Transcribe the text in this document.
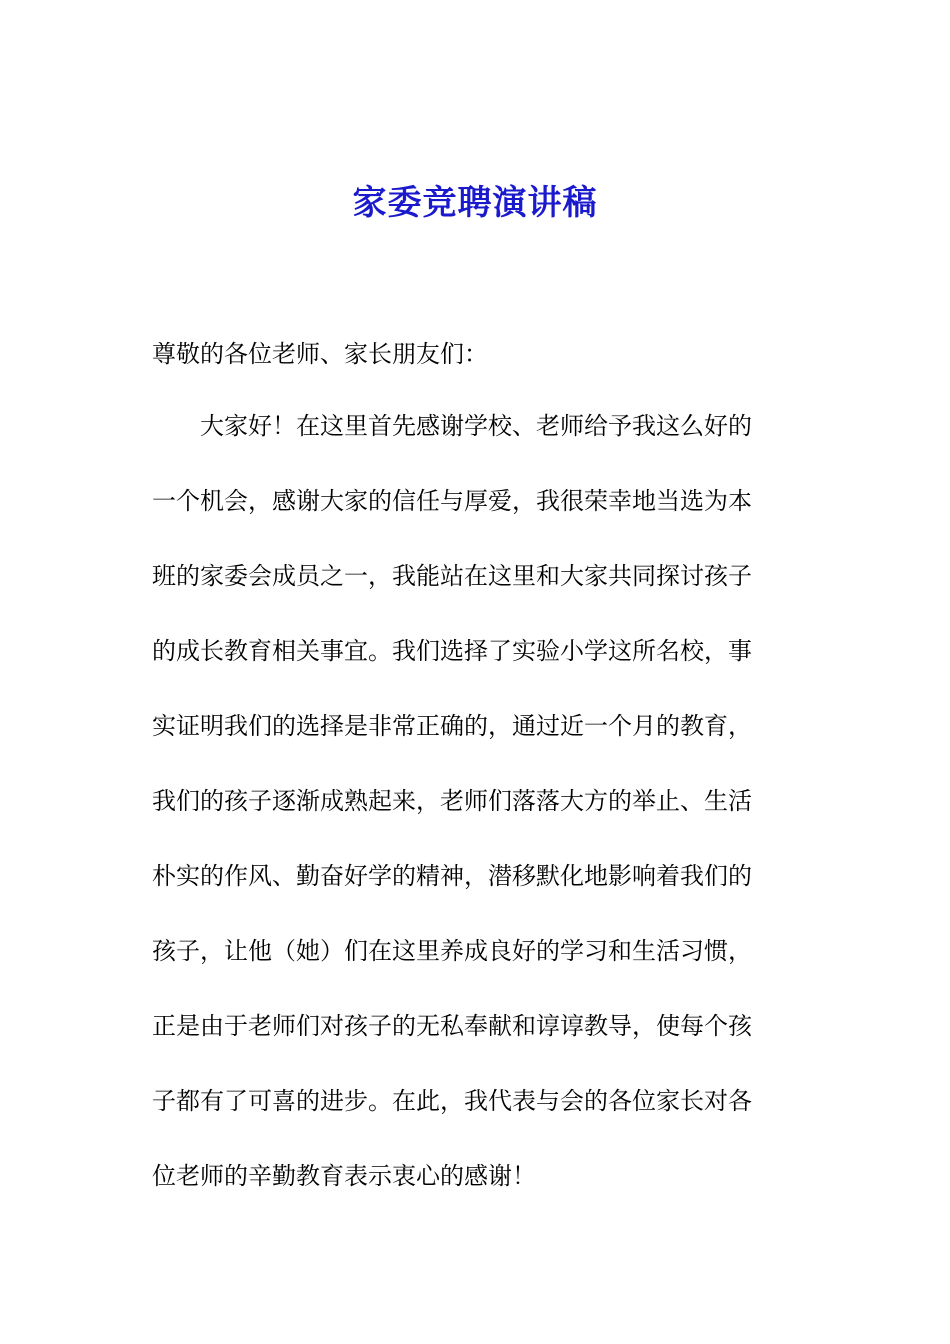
家委竞聘演讲稿
尊敬的各位老师、家长朋友们：
大家好！在这里首先感谢学校、老师给予我这么好的
一个机会，感谢大家的信任与厚爱，我很荣幸地当选为本
班的家委会成员之一，我能站在这里和大家共同探讨孩子
的成长教育相关事宜。我们选择了实验小学这所名校，事
实证明我们的选择是非常正确的，通过近一个月的教育，
我们的孩子逐渐成熟起来，老师们落落大方的举止、生活
朴实的作风、勤奋好学的精神，潜移默化地影响着我们的
孩子，让他（她）们在这里养成良好的学习和生活习惯，
正是由于老师们对孩子的无私奉献和谆谆教导，使每个孩
子都有了可喜的进步。在此，我代表与会的各位家长对各
位老师的辛勤教育表示衷心的感谢！
